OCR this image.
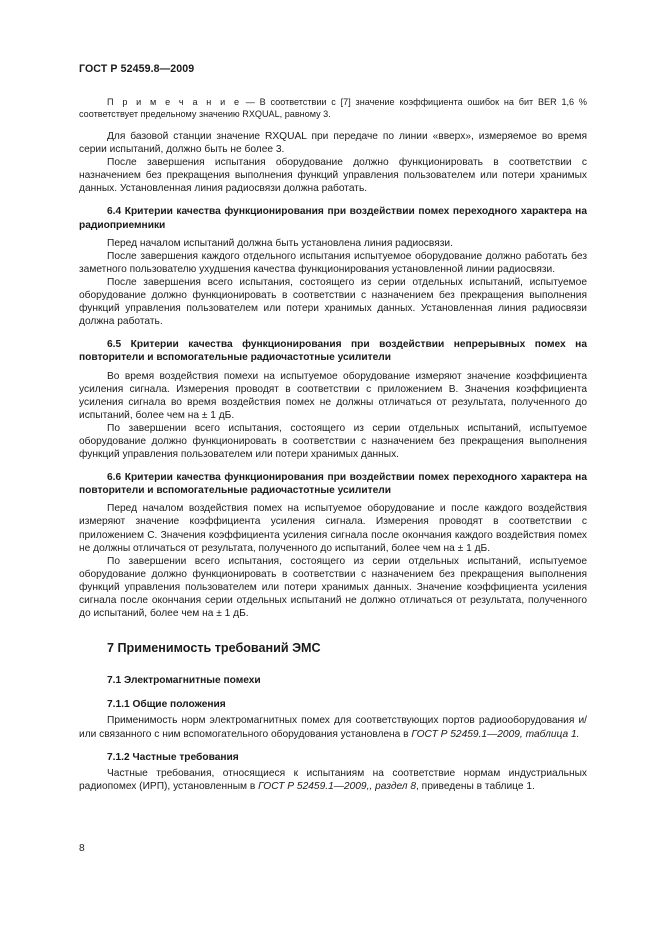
ГОСТ Р 52459.8—2009

П р и м е ч а н и е — В соответствии с [7] значение коэффициента ошибок на бит BER 1,6 % соответствует предельному значению RXQUAL, равному 3.

Для базовой станции значение RXQUAL при передаче по линии «вверх», измеряемое во время серии испытаний, должно быть не более 3.

После завершения испытания оборудование должно функционировать в соответствии с назначением без прекращения выполнения функций управления пользователем или потери хранимых данных. Установленная линия радиосвязи должна работать.

6.4 Критерии качества функционирования при воздействии помех переходного характера на радиоприемники

Перед началом испытаний должна быть установлена линия радиосвязи.

После завершения каждого отдельного испытания испытуемое оборудование должно работать без заметного пользователю ухудшения качества функционирования установленной линии радиосвязи.

После завершения всего испытания, состоящего из серии отдельных испытаний, испытуемое оборудование должно функционировать в соответствии с назначением без прекращения выполнения функций управления пользователем или потери хранимых данных. Установленная линия радиосвязи должна работать.

6.5 Критерии качества функционирования при воздействии непрерывных помех на повторители и вспомогательные радиочастотные усилители

Во время воздействия помехи на испытуемое оборудование измеряют значение коэффициента усиления сигнала. Измерения проводят в соответствии с приложением В. Значения коэффициента усиления сигнала во время воздействия помех не должны отличаться от результата, полученного до испытаний, более чем на ± 1 дБ.

По завершении всего испытания, состоящего из серии отдельных испытаний, испытуемое оборудование должно функционировать в соответствии с назначением без прекращения выполнения функций управления пользователем или потери хранимых данных.

6.6 Критерии качества функционирования при воздействии помех переходного характера на повторители и вспомогательные радиочастотные усилители

Перед началом воздействия помех на испытуемое оборудование и после каждого воздействия измеряют значение коэффициента усиления сигнала. Измерения проводят в соответствии с приложением С. Значения коэффициента усиления сигнала после окончания каждого воздействия помех не должны отличаться от результата, полученного до испытаний, более чем на ± 1 дБ.

По завершении всего испытания, состоящего из серии отдельных испытаний, испытуемое оборудование должно функционировать в соответствии с назначением без прекращения выполнения функций управления пользователем или потери хранимых данных. Значение коэффициента усиления сигнала после окончания серии отдельных испытаний не должно отличаться от результата, полученного до испытаний, более чем на ± 1 дБ.

7 Применимость требований ЭМС

7.1 Электромагнитные помехи

7.1.1 Общие положения

Применимость норм электромагнитных помех для соответствующих портов радиооборудования и/или связанного с ним вспомогательного оборудования установлена в ГОСТ Р 52459.1—2009, таблица 1.

7.1.2 Частные требования

Частные требования, относящиеся к испытаниям на соответствие нормам индустриальных радиопомех (ИРП), установленным в ГОСТ Р 52459.1—2009,, раздел 8, приведены в таблице 1.

8
